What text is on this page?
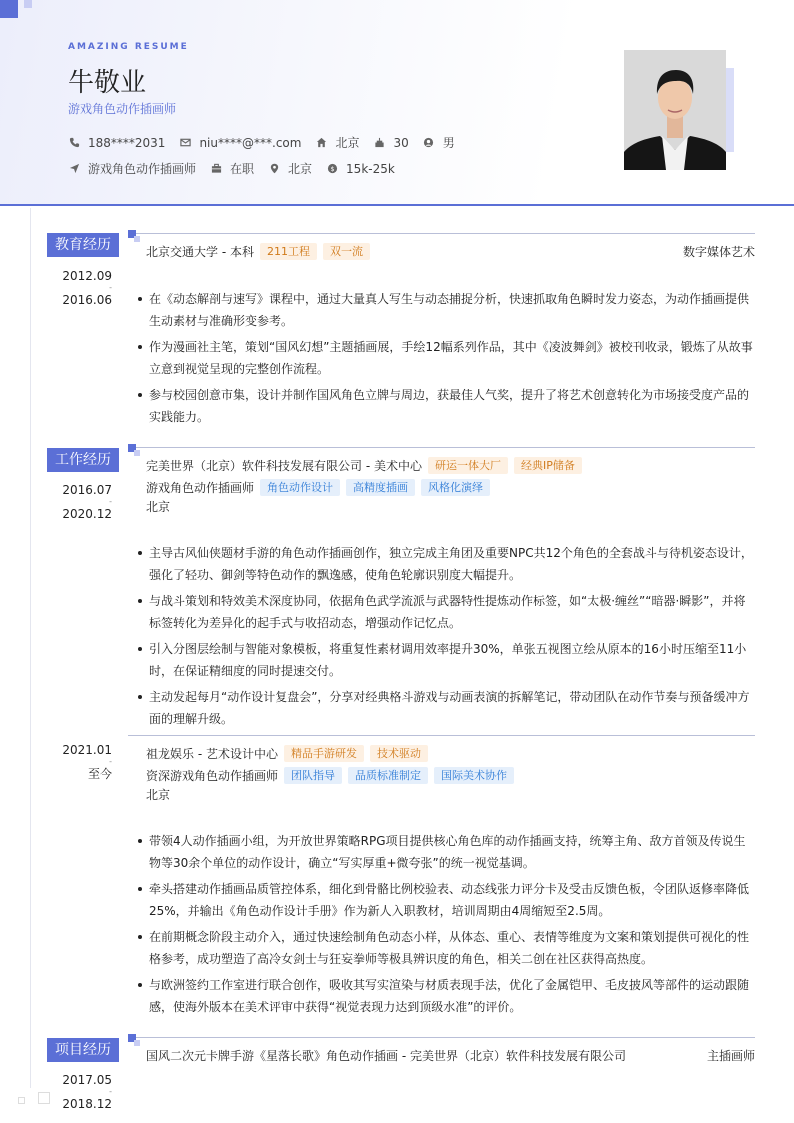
AMAZING RESUME
牛敬业
游戏角色动作插画师
188****2031	niu****@***.com	北京	30	男
游戏角色动作插画师	在职	北京	$ 15k-25k
教育经历
2012.09
-
2016.06
北京交通大学 - 本科	211工程	双一流	数字媒体艺术
在《动态解剖与速写》课程中，通过大量真人写生与动态捕捉分析，快速抓取角色瞬时发力姿态，为动作插画提供生动素材与准确形变参考。
作为漫画社主笔，策划“国风幻想”主题插画展，手绘12幅系列作品，其中《凌波舞剑》被校刊收录，锻炼了从故事立意到视觉呈现的完整创作流程。
参与校园创意市集，设计并制作国风角色立牌与周边，获最佳人气奖，提升了将艺术创意转化为市场接受度产品的实践能力。
工作经历
2016.07
-
2020.12
完美世界（北京）软件科技发展有限公司 - 美术中心	研运一体大厂	经典IP储备
游戏角色动作插画师	角色动作设计	高精度插画	风格化演绎
北京
主导古风仙侠题材手游的角色动作插画创作，独立完成主角团及重要NPC共12个角色的全套战斗与待机姿态设计，强化了轻功、御剑等特色动作的飘逸感，使角色轮廓识别度大幅提升。
与战斗策划和特效美术深度协同，依据角色武学流派与武器特性提炼动作标签，如“太极·缠丝”“暗器·瞬影”，并将标签转化为差异化的起手式与收招动态，增强动作记忆点。
引入分图层绘制与智能对象模板，将重复性素材调用效率提升30%，单张五视图立绘从原本的16小时压缩至11小时，在保证精细度的同时提速交付。
主动发起每月“动作设计复盘会”，分享对经典格斗游戏与动画表演的拆解笔记，带动团队在动作节奏与预备缓冲方面的理解升级。
2021.01
-
至今
祖龙娱乐 - 艺术设计中心	精品手游研发	技术驱动
资深游戏角色动作插画师	团队指导	品质标准制定	国际美术协作
北京
带领4人动作插画小组，为开放世界策略RPG项目提供核心角色库的动作插画支持，统筹主角、敌方首领及传说生物等30余个单位的动作设计，确立“写实厚重+微夸张”的统一视觉基调。
牵头搭建动作插画品质管控体系，细化到骨骼比例校验表、动态线张力评分卡及受击反馈色板，令团队返修率降低25%，并输出《角色动作设计手册》作为新人入职教材，培训周期由4周缩短至2.5周。
在前期概念阶段主动介入，通过快速绘制角色动态小样，从体态、重心、表情等维度为文案和策划提供可视化的性格参考，成功塑造了高冷女剑士与狂妄拳师等极具辨识度的角色，相关二创在社区获得高热度。
与欧洲签约工作室进行联合创作，吸收其写实渲染与材质表现手法，优化了金属铠甲、毛皮披风等部件的运动跟随感，使海外版本在美术评审中获得“视觉表现力达到顶级水准”的评价。
项目经历
2017.05
-
2018.12
国风二次元卡牌手游《星落长歌》角色动作插画 - 完美世界（北京）软件科技发展有限公司	主插画师
